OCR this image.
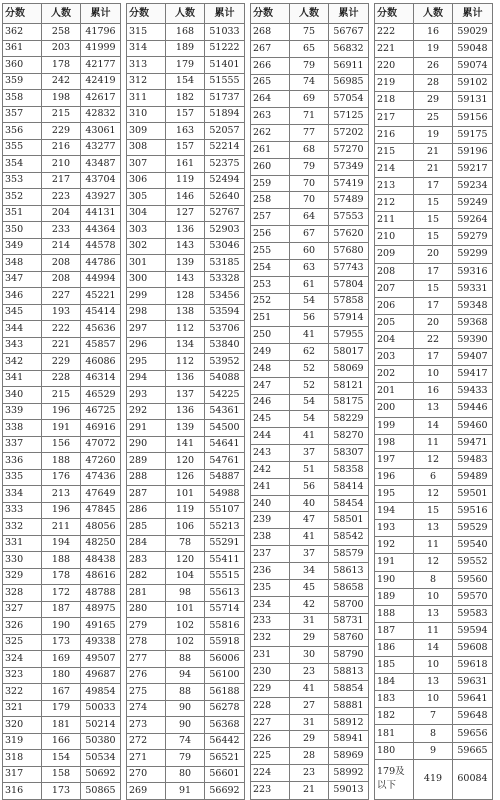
分数	人数	累计
362	258	41796
361	203	41999
360	178	42177
359	242	42419
358	198	42617
357	215	42832
356	229	43061
355	216	43277
354	210	43487
353	217	43704
352	223	43927
351	204	44131
350	233	44364
349	214	44578
348	208	44786
347	208	44994
346	227	45221
345	193	45414
344	222	45636
343	221	45857
342	229	46086
341	228	46314
340	215	46529
339	196	46725
338	191	46916
337	156	47072
336	188	47260
335	176	47436
334	213	47649
333	196	47845
332	211	48056
331	194	48250
330	188	48438
329	178	48616
328	172	48788
327	187	48975
326	190	49165
325	173	49338
324	169	49507
323	180	49687
322	167	49854
321	179	50033
320	181	50214
319	166	50380
318	154	50534
317	158	50692
316	173	50865
分数	人数	累计
315	168	51033
314	189	51222
313	179	51401
312	154	51555
311	182	51737
310	157	51894
309	163	52057
308	157	52214
307	161	52375
306	119	52494
305	146	52640
304	127	52767
303	136	52903
302	143	53046
301	139	53185
300	143	53328
299	128	53456
298	138	53594
297	112	53706
296	134	53840
295	112	53952
294	136	54088
293	137	54225
292	136	54361
291	139	54500
290	141	54641
289	120	54761
288	126	54887
287	101	54988
286	119	55107
285	106	55213
284	78	55291
283	120	55411
282	104	55515
281	98	55613
280	101	55714
279	102	55816
278	102	55918
277	88	56006
276	94	56100
275	88	56188
274	90	56278
273	90	56368
272	74	56442
271	79	56521
270	80	56601
269	91	56692
分数	人数	累计
268	75	56767
267	65	56832
266	79	56911
265	74	56985
264	69	57054
263	71	57125
262	77	57202
261	68	57270
260	79	57349
259	70	57419
258	70	57489
257	64	57553
256	67	57620
255	60	57680
254	63	57743
253	61	57804
252	54	57858
251	56	57914
250	41	57955
249	62	58017
248	52	58069
247	52	58121
246	54	58175
245	54	58229
244	41	58270
243	37	58307
242	51	58358
241	56	58414
240	40	58454
239	47	58501
238	41	58542
237	37	58579
236	34	58613
235	45	58658
234	42	58700
233	31	58731
232	29	58760
231	30	58790
230	23	58813
229	41	58854
228	27	58881
227	31	58912
226	29	58941
225	28	58969
224	23	58992
223	21	59013
分数	人数	累计
222	16	59029
221	19	59048
220	26	59074
219	28	59102
218	29	59131
217	25	59156
216	19	59175
215	21	59196
214	21	59217
213	17	59234
212	15	59249
211	15	59264
210	15	59279
209	20	59299
208	17	59316
207	15	59331
206	17	59348
205	20	59368
204	22	59390
203	17	59407
202	10	59417
201	16	59433
200	13	59446
199	14	59460
198	11	59471
197	12	59483
196	6	59489
195	12	59501
194	15	59516
193	13	59529
192	11	59540
191	12	59552
190	8	59560
189	10	59570
188	13	59583
187	11	59594
186	14	59608
185	10	59618
184	13	59631
183	10	59641
182	7	59648
181	8	59656
180	9	59665
179及以下	419	60084
